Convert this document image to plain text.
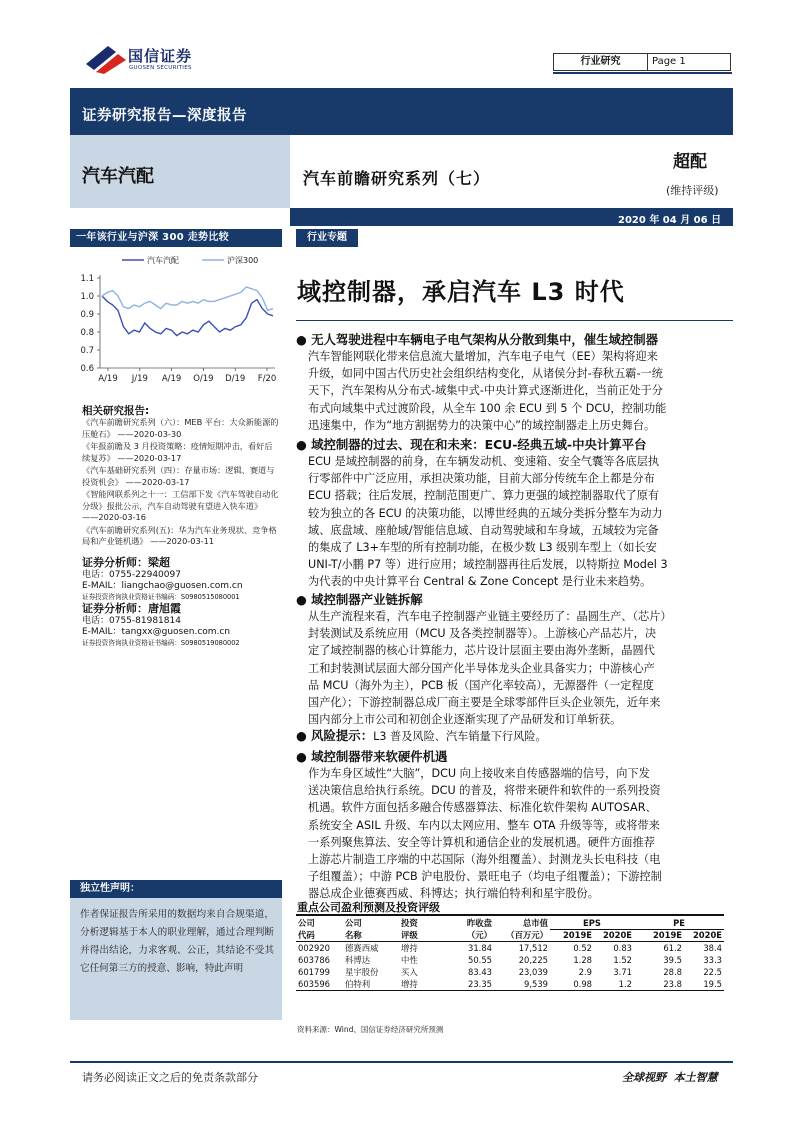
国信证券
GUOSEN SECURITIES
行业研究	Page 1
证券研究报告—深度报告
汽车汽配	汽车前瞻研究系列（七）
超配
(维持评级)
2020 年 04 月 06 日
一年该行业与沪深 300 走势比较
1.1
1.0
0.9
0.8
0.7
0.6
A/19 J/19 A/19 O/19 D/19 F/20
汽车汽配	沪深300
相关研究报告:
《汽车前瞻研究系列（六）：MEB 平台：大众新能源的压舱石》 ——2020-03-30
《年报前瞻及 3 月投资策略：疫情短期冲击，看好后续复苏》 ——2020-03-17
《汽车基础研究系列（四）：存量市场：逻辑、赛道与投资机会》 ——2020-03-17
《智能网联系列之十一：工信部下发《汽车驾驶自动化分级》报批公示，汽车自动驾驶有望进入快车道》 ——2020-03-16
《汽车前瞻研究系列(五)：华为汽车业务现状、竞争格局和产业链机遇》 ——2020-03-11
证券分析师：梁超
电话：0755-22940097
E-MAIL：liangchao@guosen.com.cn
证券投资咨询执业资格证书编码：S0980515080001
证券分析师：唐旭霞
电话：0755-81981814
E-MAIL：tangxx@guosen.com.cn
证券投资咨询执业资格证书编码：S0980519080002
独立性声明：
作者保证报告所采用的数据均来自合规渠道，分析逻辑基于本人的职业理解，通过合理判断并得出结论，力求客观、公正，其结论不受其它任何第三方的授意、影响，特此声明
行业专题
域控制器，承启汽车 L3 时代
● 无人驾驶进程中车辆电子电气架构从分散到集中，催生域控制器
汽车智能网联化带来信息流大量增加，汽车电子电气（EE）架构将迎来
升级，如同中国古代历史社会组织结构变化，从诸侯分封-春秋五霸-一统
天下，汽车架构从分布式-域集中式-中央计算式逐渐进化，当前正处于分
布式向域集中式过渡阶段，从全车 100 余 ECU 到 5 个 DCU，控制功能
迅速集中，作为“地方割据势力的决策中心”的域控制器走上历史舞台。
● 域控制器的过去、现在和未来：ECU-经典五域-中央计算平台
ECU 是域控制器的前身，在车辆发动机、变速箱、安全气囊等各底层执
行零部件中广泛应用，承担决策功能，目前大部分传统车企上都是分布
ECU 搭载；往后发展，控制范围更广、算力更强的域控制器取代了原有
较为独立的各 ECU 的决策功能，以博世经典的五域分类拆分整车为动力
域、底盘域、座舱域/智能信息域、自动驾驶域和车身域，五域较为完备
的集成了 L3+车型的所有控制功能，在极少数 L3 级别车型上（如长安
UNI-T/小鹏 P7 等）进行应用；域控制器再往后发展，以特斯拉 Model 3
为代表的中央计算平台 Central & Zone Concept 是行业未来趋势。
● 域控制器产业链拆解
从生产流程来看，汽车电子控制器产业链主要经历了：晶圆生产、（芯片）
封装测试及系统应用（MCU 及各类控制器等）。上游核心产品芯片，决
定了域控制器的核心计算能力，芯片设计层面主要由海外垄断，晶圆代
工和封装测试层面大部分国产化半导体龙头企业具备实力；中游核心产
品 MCU（海外为主），PCB 板（国产化率较高），无源器件（一定程度
国产化）；下游控制器总成厂商主要是全球零部件巨头企业领先，近年来
国内部分上市公司和初创企业逐渐实现了产品研发和订单斩获。
● 风险提示：L3 普及风险、汽车销量下行风险。
● 域控制器带来软硬件机遇
作为车身区域性“大脑”，DCU 向上接收来自传感器端的信号，向下发
送决策信息给执行系统。DCU 的普及，将带来硬件和软件的一系列投资
机遇。软件方面包括多融合传感器算法、标准化软件架构 AUTOSAR、
系统安全 ASIL 升级、车内以太网应用、整车 OTA 升级等等，或将带来
一系列聚焦算法、安全等计算机和通信企业的发展机遇。硬件方面推荐
上游芯片制造工序端的中芯国际（海外组覆盖）、封测龙头长电科技（电
子组覆盖）；中游 PCB 沪电股份、景旺电子（均电子组覆盖）；下游控制
器总成企业德赛西威、科博达；执行端伯特利和星宇股份。
重点公司盈利预测及投资评级
公司	公司	投资	昨收盘	总市值	EPS		PE	
代码	名称	评级	（元）	（百万元）	2019E	2020E	2019E	2020E
002920	德赛西威	增持	31.84	17,512	0.52	0.83	61.2	38.4
603786	科博达	中性	50.55	20,225	1.28	1.52	39.5	33.3
601799	星宇股份	买入	83.43	23,039	2.9	3.71	28.8	22.5
603596	伯特利	增持	23.35	9,539	0.98	1.2	23.8	19.5
资料来源：Wind、国信证券经济研究所预测
请务必阅读正文之后的免责条款部分	全球视野  本土智慧
